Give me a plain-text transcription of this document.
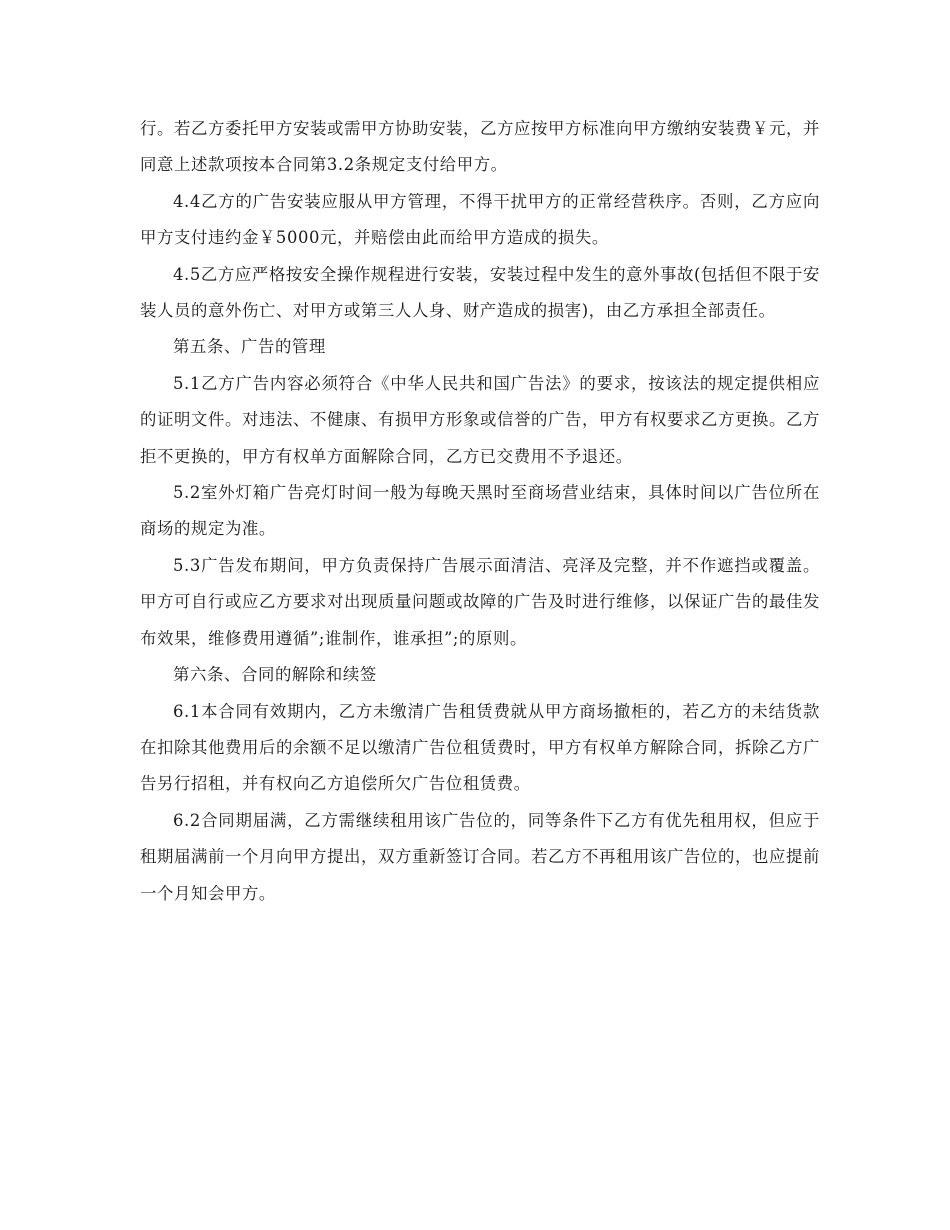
行。若乙方委托甲方安装或需甲方协助安装，乙方应按甲方标准向甲方缴纳安装费￥元，并同意上述款项按本合同第3.2条规定支付给甲方。

4.4乙方的广告安装应服从甲方管理，不得干扰甲方的正常经营秩序。否则，乙方应向甲方支付违约金￥5000元，并赔偿由此而给甲方造成的损失。

4.5乙方应严格按安全操作规程进行安装，安装过程中发生的意外事故(包括但不限于安装人员的意外伤亡、对甲方或第三人人身、财产造成的损害)，由乙方承担全部责任。

第五条、广告的管理

5.1乙方广告内容必须符合《中华人民共和国广告法》的要求，按该法的规定提供相应的证明文件。对违法、不健康、有损甲方形象或信誉的广告，甲方有权要求乙方更换。乙方拒不更换的，甲方有权单方面解除合同，乙方已交费用不予退还。

5.2室外灯箱广告亮灯时间一般为每晚天黑时至商场营业结束，具体时间以广告位所在商场的规定为准。

5.3广告发布期间，甲方负责保持广告展示面清洁、亮泽及完整，并不作遮挡或覆盖。甲方可自行或应乙方要求对出现质量问题或故障的广告及时进行维修，以保证广告的最佳发布效果，维修费用遵循”;谁制作，谁承担”;的原则。

第六条、合同的解除和续签

6.1本合同有效期内，乙方未缴清广告租赁费就从甲方商场撤柜的，若乙方的未结货款在扣除其他费用后的余额不足以缴清广告位租赁费时，甲方有权单方解除合同，拆除乙方广告另行招租，并有权向乙方追偿所欠广告位租赁费。

6.2合同期届满，乙方需继续租用该广告位的，同等条件下乙方有优先租用权，但应于租期届满前一个月向甲方提出，双方重新签订合同。若乙方不再租用该广告位的，也应提前一个月知会甲方。
